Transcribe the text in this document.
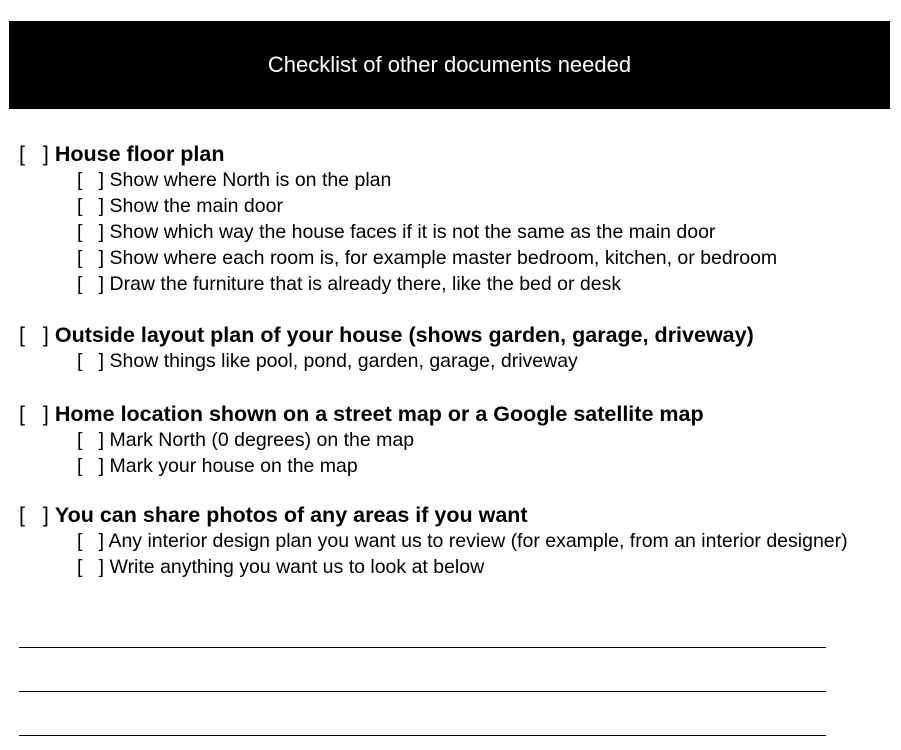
Checklist of other documents needed
[   ] House floor plan
[   ] Show where North is on the plan
[   ] Show the main door
[   ] Show which way the house faces if it is not the same as the main door
[   ] Show where each room is, for example master bedroom, kitchen, or bedroom
[   ] Draw the furniture that is already there, like the bed or desk
[   ] Outside layout plan of your house (shows garden, garage, driveway)
[   ] Show things like pool, pond, garden, garage, driveway
[   ] Home location shown on a street map or a Google satellite map
[   ] Mark North (0 degrees) on the map
[   ] Mark your house on the map
[   ] You can share photos of any areas if you want
[   ] Any interior design plan you want us to review (for example, from an interior designer)
[   ] Write anything you want us to look at below
